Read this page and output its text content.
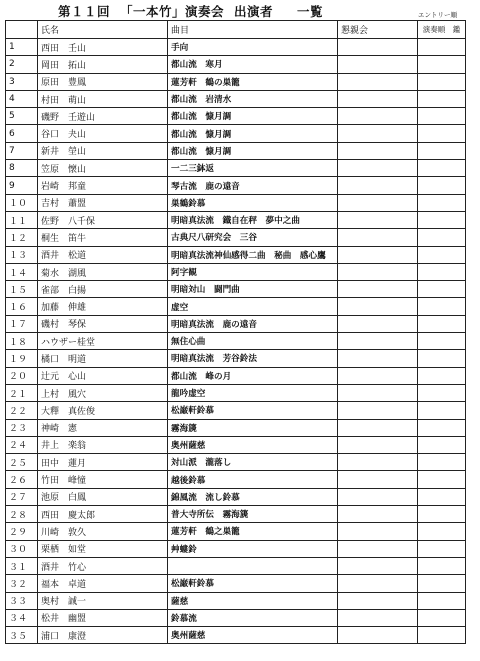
第１１回 「一本竹」演奏会 出演者 一覧	エントリー順
	氏名	曲目	懇親会	演奏順　鑑
1	西田　壬山	手向		
2	岡田　拓山	都山流　寒月		
3	原田　豊鳳	蓮芳軒　鶴の巣籠		
4	村田　萌山	都山流　岩清水		
5	磯野　壬遊山	都山流　慷月調		
6	谷口　夬山	都山流　慷月調		
7	新井　塋山	都山流　慷月調		
8	笠原　懐山	一二三鉢返		
9	岩崎　邦童	琴古流　鹿の遠音		
１０	吉村　蕭盟	巣鶴鈴慕		
１１	佐野　八千保	明暗真法流　鐵自在秤　夢中之曲		
１２	桐生　笛牛	古典尺八研究会　三谷		
１３	酒井　松道	明暗真法流神仙感得二曲　秘曲　感心鷹		
１４	菊水　湖風	阿字観		
１５	雀部　白揚	明暗対山　闘門曲		
１６	加藤　伸雄	虚空		
１７	磯村　琴保	明暗真法流　鹿の遠音		
１８	ハウザー桂堂	無住心曲		
１９	橘口　明道	明暗真法流　芳谷鈴法		
２０	辻元　心山	都山流　峰の月		
２１	上村　風穴	龍吟虚空		
２２	大釋　真佐俊	松巌軒鈴慕		
２３	神崎　憲	霧海篪		
２４	井上　楽翁	奥州薩慈		
２５	田中　蓮月	対山派　瀧落し		
２６	竹田　峰憧	越後鈴慕		
２７	池原　白鳳	錦風流　流し鈴慕		
２８	西田　慶太郎	普大寺所伝　霧海篪		
２９	川崎　敦久	蓮芳軒　鶴之巣籠		
３０	栗栖　如堂	艸螻鈴		
３１	酒井　竹心			
３２	福本　卓道	松巌軒鈴慕		
３３	奥村　誠一	薩慈		
３４	松井　幽盟	鈴慕流		
３５	浦口　康澄	奥州薩慈		
